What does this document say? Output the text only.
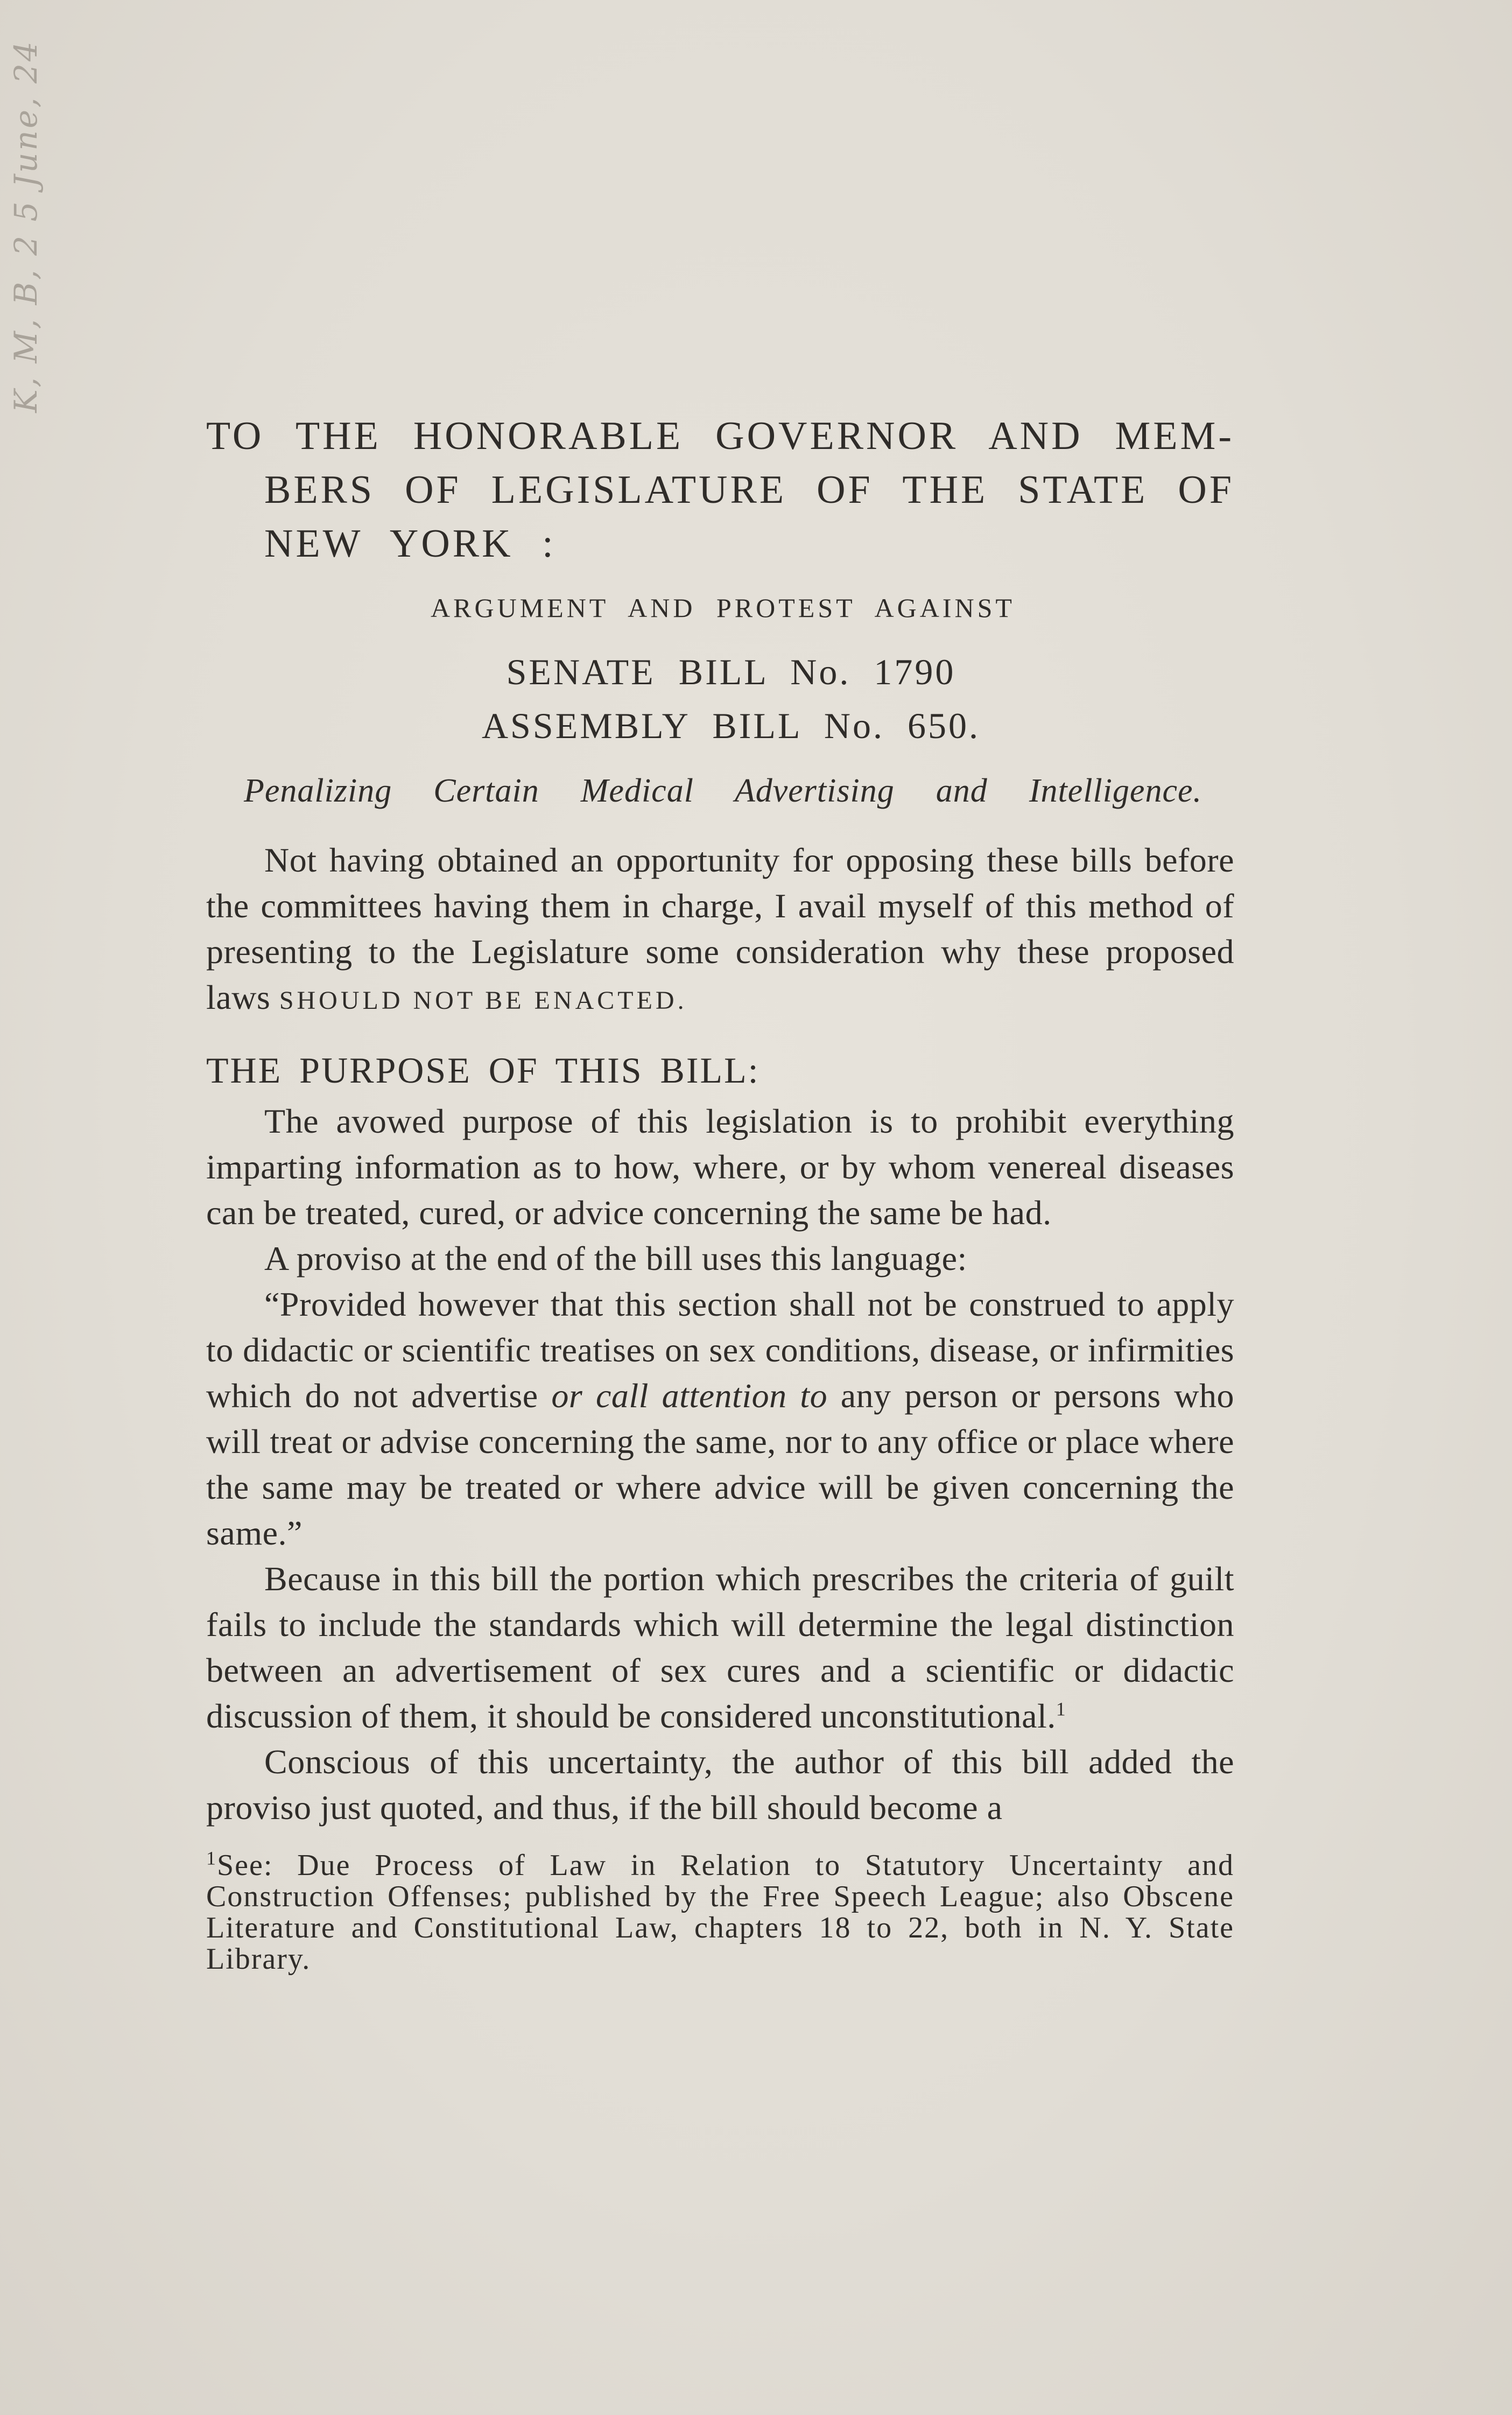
K, M, B, 2 5 June, 24
TO THE HONORABLE GOVERNOR AND MEM-
BERS OF LEGISLATURE OF THE STATE OF
NEW YORK :
ARGUMENT AND PROTEST AGAINST
SENATE BILL No. 1790
ASSEMBLY BILL No. 650.
Penalizing Certain Medical Advertising and Intelligence.

Not having obtained an opportunity for opposing these bills before the committees having them in charge, I avail myself of this method of presenting to the Legislature some consideration why these proposed laws SHOULD NOT BE ENACTED.

THE PURPOSE OF THIS BILL:

The avowed purpose of this legislation is to prohibit everything imparting information as to how, where, or by whom venereal diseases can be treated, cured, or advice concerning the same be had.

A proviso at the end of the bill uses this language:

“Provided however that this section shall not be construed to apply to didactic or scientific treatises on sex conditions, disease, or infirmities which do not advertise or call attention to any person or persons who will treat or advise concerning the same, nor to any office or place where the same may be treated or where advice will be given concerning the same.”

Because in this bill the portion which prescribes the criteria of guilt fails to include the standards which will determine the legal distinction between an advertisement of sex cures and a scientific or didactic discussion of them, it should be considered unconstitutional.$^1$

Conscious of this uncertainty, the author of this bill added the proviso just quoted, and thus, if the bill should become a

$^1$See: Due Process of Law in Relation to Statutory Uncertainty and Construction Offenses; published by the Free Speech League; also Obscene Literature and Constitutional Law, chapters 18 to 22, both in N. Y. State Library.
